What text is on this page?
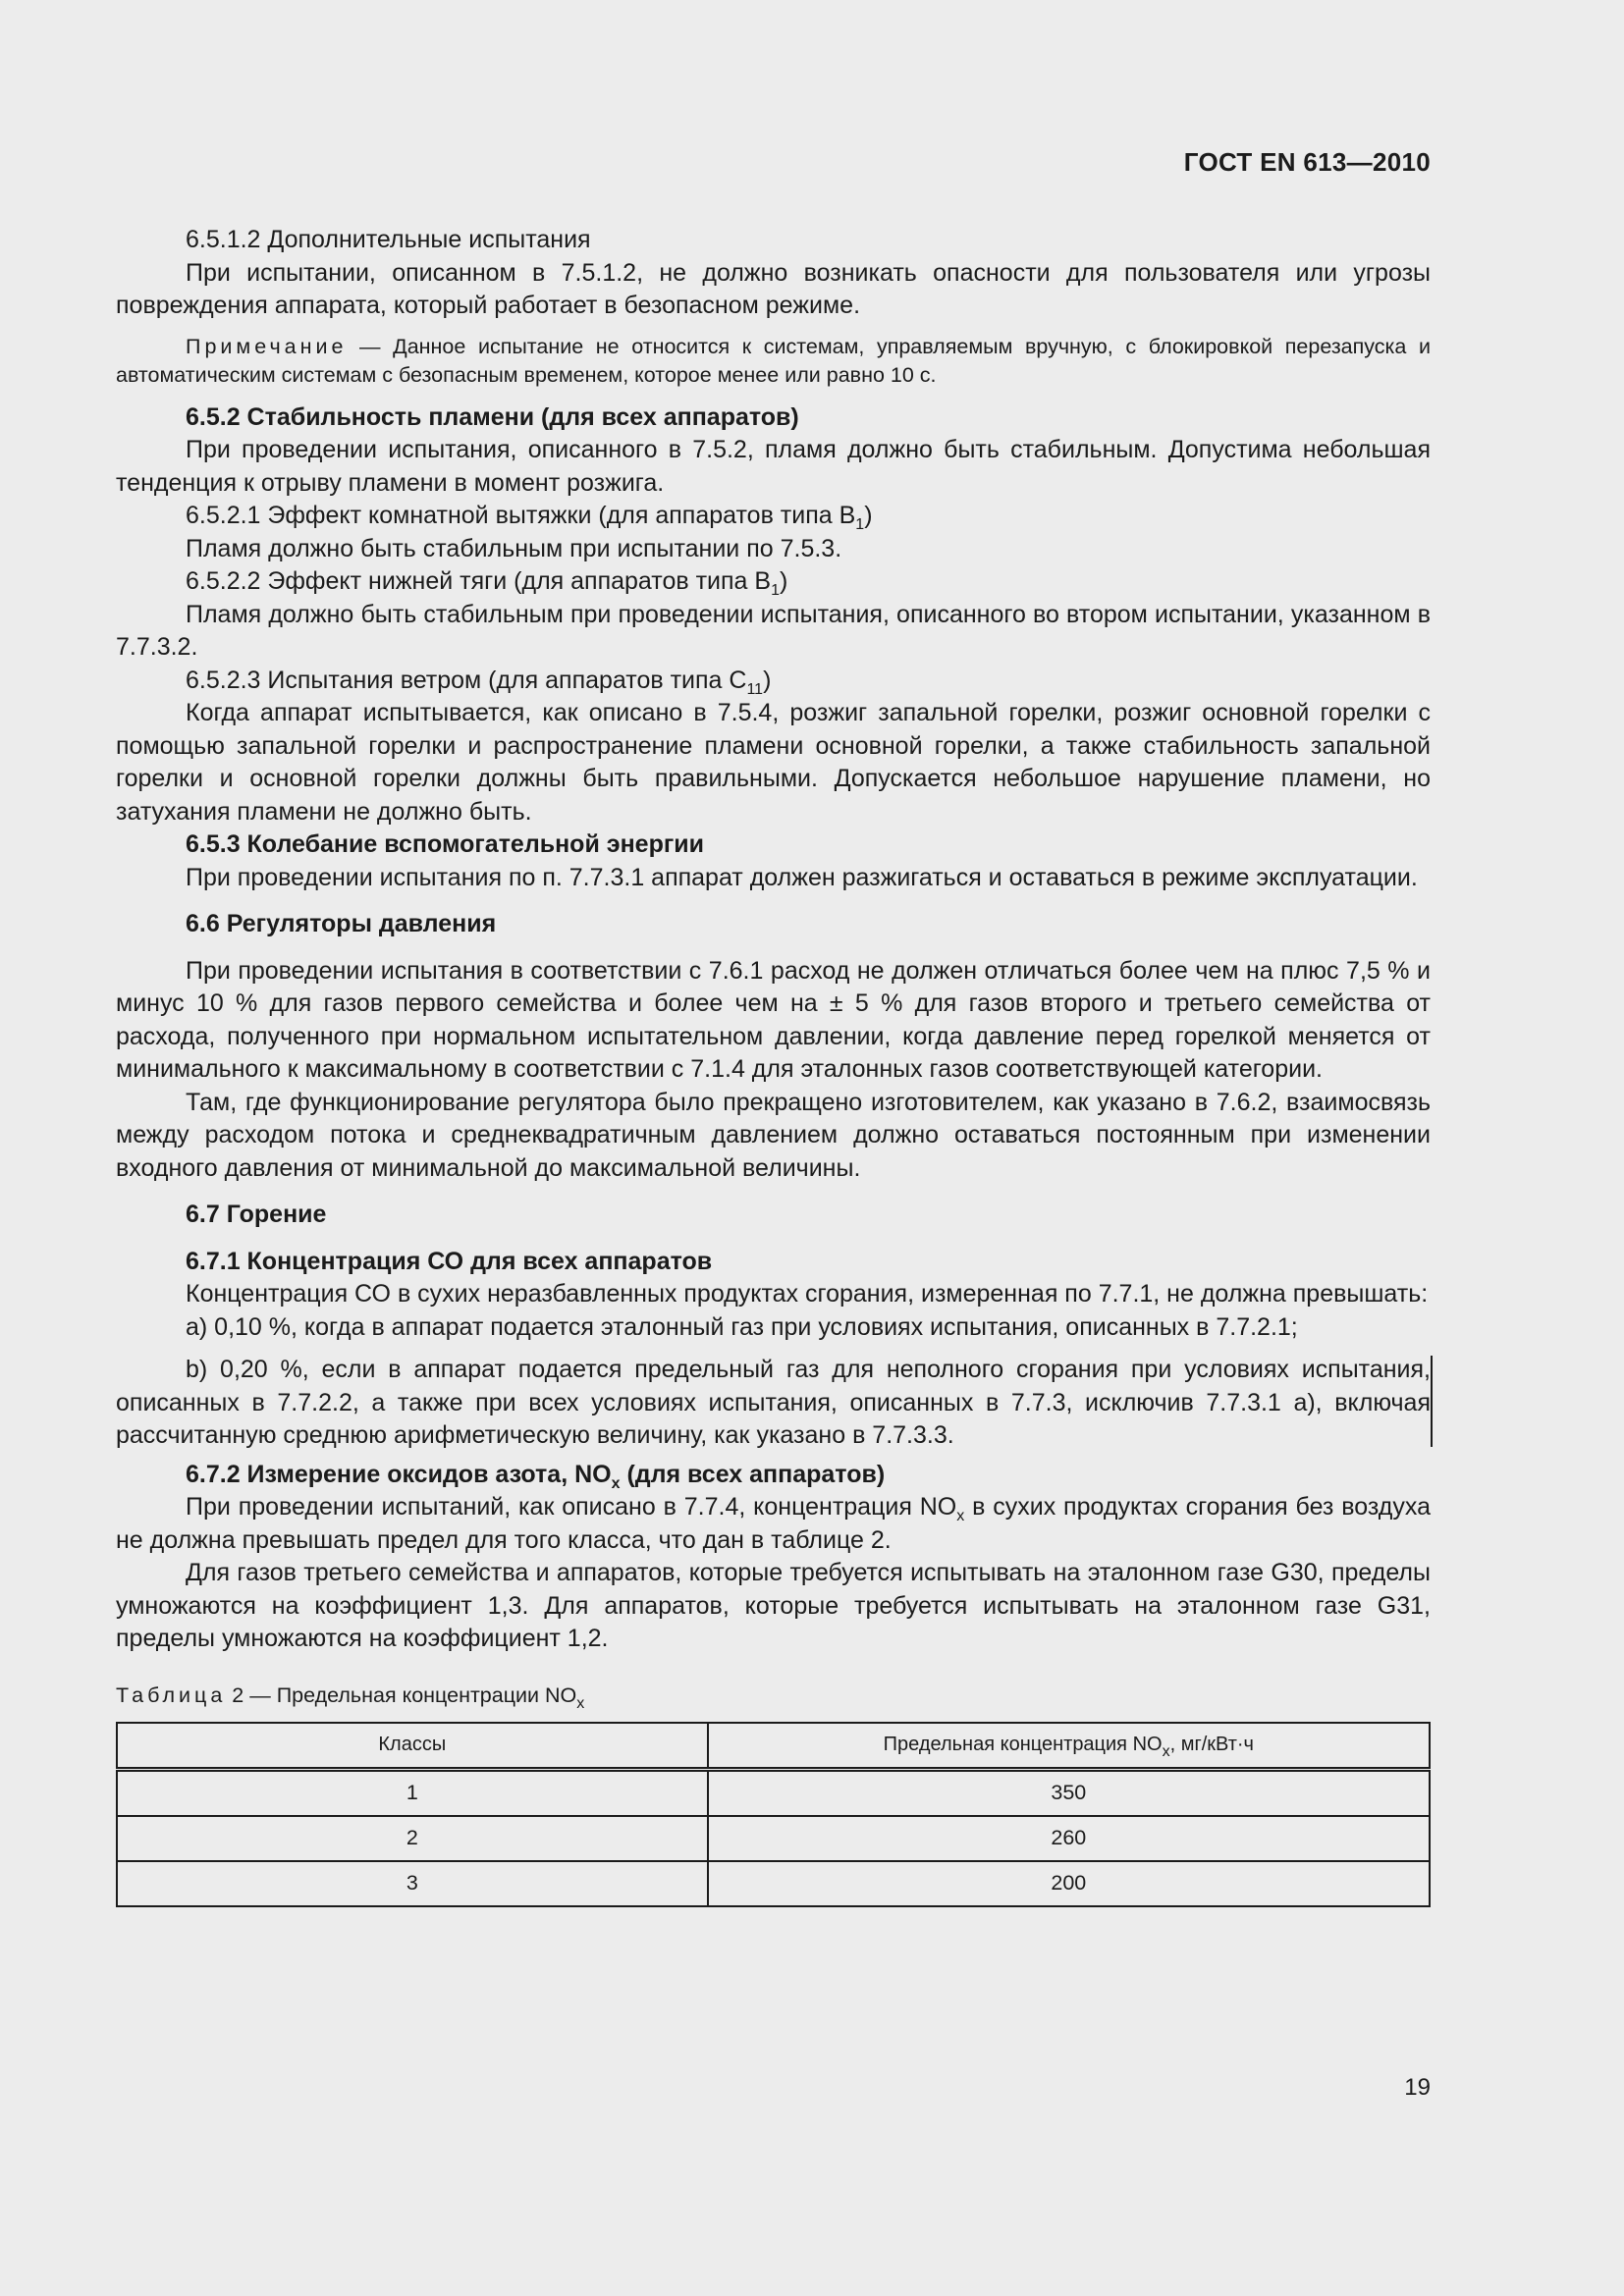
ГОСТ EN 613—2010

6.5.1.2 Дополнительные испытания

При испытании, описанном в 7.5.1.2, не должно возникать опасности для пользователя или угрозы повреждения аппарата, который работает в безопасном режиме.

Примечание — Данное испытание не относится к системам, управляемым вручную, с блокировкой перезапуска и автоматическим системам с безопасным временем, которое менее или равно 10 с.

6.5.2 Стабильность пламени (для всех аппаратов)

При проведении испытания, описанного в 7.5.2, пламя должно быть стабильным. Допустима небольшая тенденция к отрыву пламени в момент розжига.

6.5.2.1 Эффект комнатной вытяжки (для аппаратов типа $В_1$)

Пламя должно быть стабильным при испытании по 7.5.3.

6.5.2.2 Эффект нижней тяги (для аппаратов типа $В_1$)

Пламя должно быть стабильным при проведении испытания, описанного во втором испытании, указанном в 7.7.3.2.

6.5.2.3 Испытания ветром (для аппаратов типа $С_{11}$)

Когда аппарат испытывается, как описано в 7.5.4, розжиг запальной горелки, розжиг основной горелки с помощью запальной горелки и распространение пламени основной горелки, а также стабильность запальной горелки и основной горелки должны быть правильными. Допускается небольшое нарушение пламени, но затухания пламени не должно быть.

6.5.3 Колебание вспомогательной энергии

При проведении испытания по п. 7.7.3.1 аппарат должен разжигаться и оставаться в режиме эксплуатации.

6.6 Регуляторы давления

При проведении испытания в соответствии с 7.6.1 расход не должен отличаться более чем на плюс 7,5 % и минус 10 % для газов первого семейства и более чем на ± 5 % для газов второго и третьего семейства от расхода, полученного при нормальном испытательном давлении, когда давление перед горелкой меняется от минимального к максимальному в соответствии с 7.1.4 для эталонных газов соответствующей категории.

Там, где функционирование регулятора было прекращено изготовителем, как указано в 7.6.2, взаимосвязь между расходом потока и среднеквадратичным давлением должно оставаться постоянным при изменении входного давления от минимальной до максимальной величины.

6.7 Горение

6.7.1 Концентрация СО для всех аппаратов

Концентрация СО в сухих неразбавленных продуктах сгорания, измеренная по 7.7.1, не должна превышать:

a) 0,10 %, когда в аппарат подается эталонный газ при условиях испытания, описанных в 7.7.2.1;

b) 0,20 %, если в аппарат подается предельный газ для неполного сгорания при условиях испытания, описанных в 7.7.2.2, а также при всех условиях испытания, описанных в 7.7.3, исключив 7.7.3.1 a), включая рассчитанную среднюю арифметическую величину, как указано в 7.7.3.3.

6.7.2 Измерение оксидов азота, $NO_x$ (для всех аппаратов)

При проведении испытаний, как описано в 7.7.4, концентрация $NO_x$ в сухих продуктах сгорания без воздуха не должна превышать предел для того класса, что дан в таблице 2.

Для газов третьего семейства и аппаратов, которые требуется испытывать на эталонном газе G30, пределы умножаются на коэффициент 1,3. Для аппаратов, которые требуется испытывать на эталонном газе G31, пределы умножаются на коэффициент 1,2.

Таблица 2 — Предельная концентрации $NO_x$
Классы	Предельная концентрация $NO_x$, мг/кВт·ч
1	350
2	260
3	200
19
